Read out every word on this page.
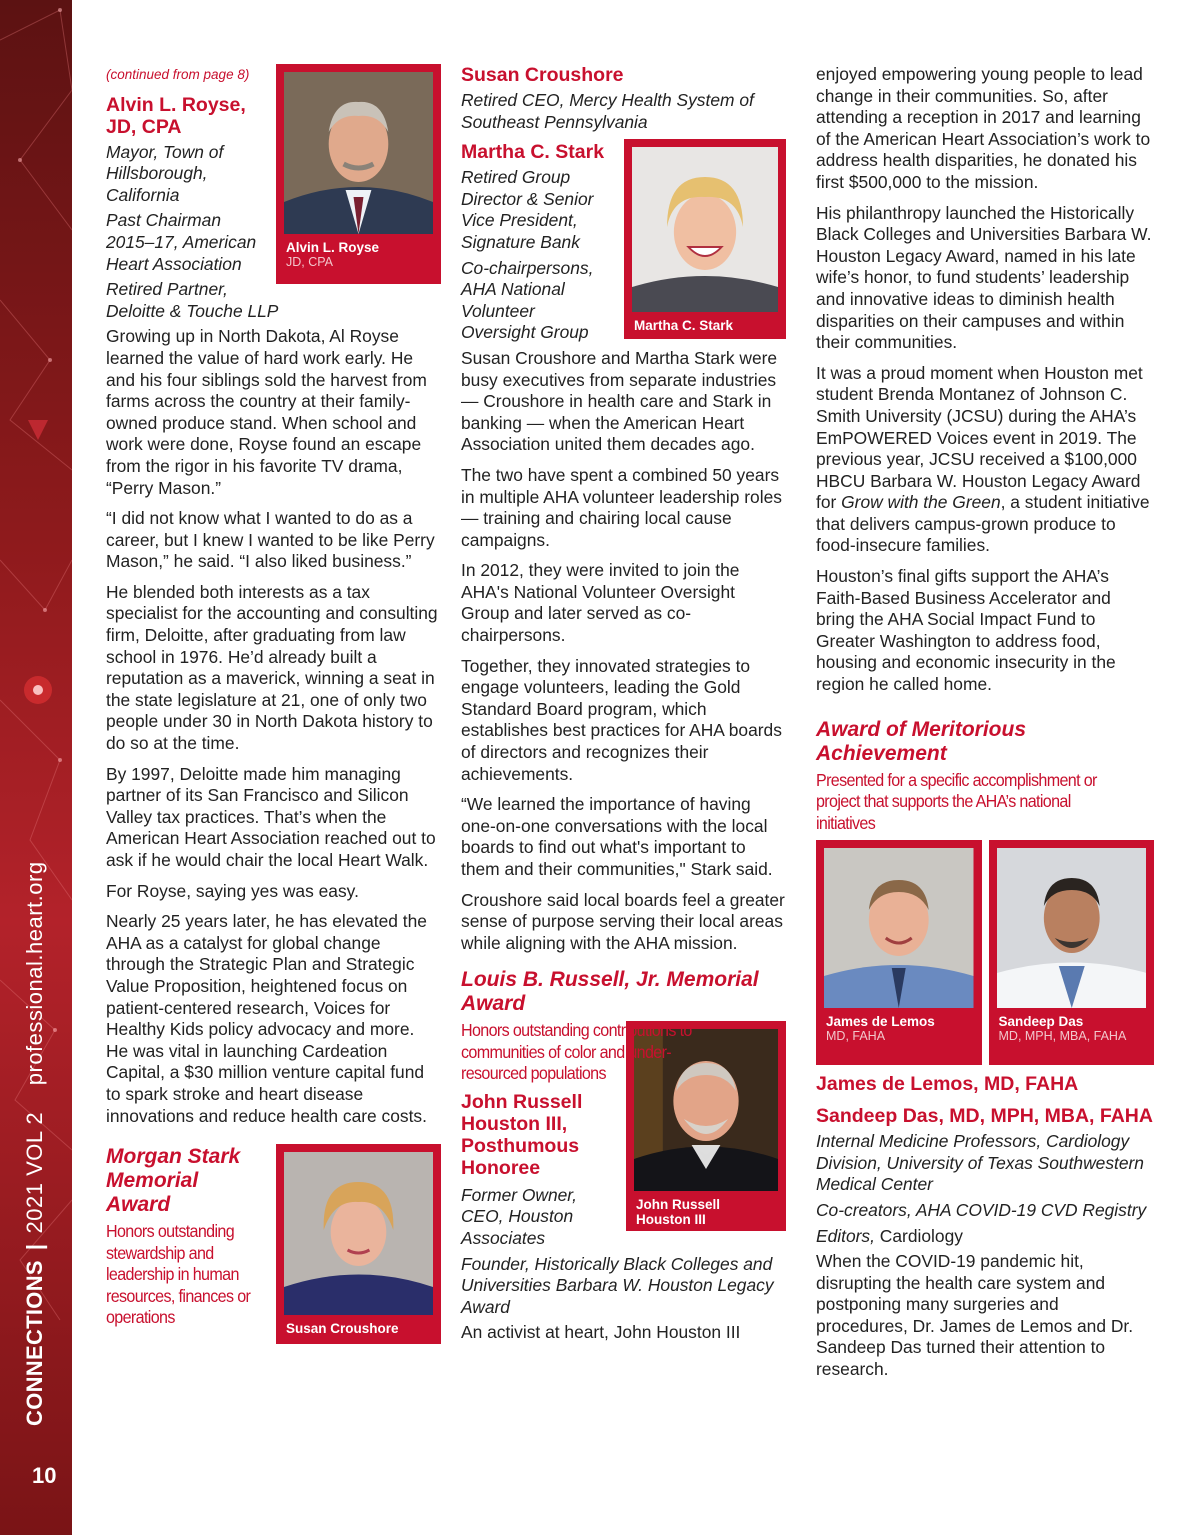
CONNECTIONS|2021 VOL 2 professional.heart.org
10
(continued from page 8)
Alvin L. Royse
JD, CPA
Alvin L. Royse, JD, CPA
Mayor, Town of Hillsborough, California
Past Chairman 2015–17, American Heart Association
Retired Partner, Deloitte & Touche LLP

Growing up in North Dakota, Al Royse learned the value of hard work early. He and his four siblings sold the harvest from farms across the country at their family-owned produce stand. When school and work were done, Royse found an escape from the rigor in his favorite TV drama, “Perry Mason.”

“I did not know what I wanted to do as a career, but I knew I wanted to be like Perry Mason,” he said. “I also liked business.”

He blended both interests as a tax specialist for the accounting and consulting firm, Deloitte, after graduating from law school in 1976. He’d already built a reputation as a maverick, winning a seat in the state legislature at 21, one of only two people under 30 in North Dakota history to do so at the time.

By 1997, Deloitte made him managing partner of its San Francisco and Silicon Valley tax practices. That’s when the American Heart Association reached out to ask if he would chair the local Heart Walk.

For Royse, saying yes was easy.

Nearly 25 years later, he has elevated the AHA as a catalyst for global change through the Strategic Plan and Strategic Value Proposition, heightened focus on patient-centered research, Voices for Healthy Kids policy advocacy and more. He was vital in launching Cardeation Capital, a $30 million venture capital fund to spark stroke and heart disease innovations and reduce health care costs.

Susan Croushore
Morgan Stark Memorial Award
Honors outstanding stewardship and leadership in human resources, finances or operations
Susan Croushore
Retired CEO, Mercy Health System of Southeast Pennsylvania
Martha C. Stark
Martha C. Stark
Retired Group Director & Senior Vice President, Signature Bank
Co-chairpersons, AHA National Volunteer Oversight Group

Susan Croushore and Martha Stark were busy executives from separate industries — Croushore in health care and Stark in banking — when the American Heart Association united them decades ago.

The two have spent a combined 50 years in multiple AHA volunteer leadership roles — training and chairing local cause campaigns.

In 2012, they were invited to join the AHA's National Volunteer Oversight Group and later served as co-chairpersons.

Together, they innovated strategies to engage volunteers, leading the Gold Standard Board program, which establishes best practices for AHA boards of directors and recognizes their achievements.

“We learned the importance of having one-on-one conversations with the local boards to find out what's important to them and their communities," Stark said.

Croushore said local boards feel a greater sense of purpose serving their local areas while aligning with the AHA mission.

Louis B. Russell, Jr. Memorial Award
Honors outstanding contributions to communities of color and under-resourced populations
John Russell Houston III
John Russell Houston III, Posthumous Honoree
Former Owner, CEO, Houston Associates
Founder, Historically Black Colleges and Universities Barbara W. Houston Legacy Award

An activist at heart, John Houston III

enjoyed empowering young people to lead change in their communities. So, after attending a reception in 2017 and learning of the American Heart Association’s work to address health disparities, he donated his first $500,000 to the mission.

His philanthropy launched the Historically Black Colleges and Universities Barbara W. Houston Legacy Award, named in his late wife’s honor, to fund students’ leadership and innovative ideas to diminish health disparities on their campuses and within their communities.

It was a proud moment when Houston met student Brenda Montanez of Johnson C. Smith University (JCSU) during the AHA’s EmPOWERED Voices event in 2019. The previous year, JCSU received a $100,000 HBCU Barbara W. Houston Legacy Award for Grow with the Green, a student initiative that delivers campus-grown produce to food-insecure families.

Houston’s final gifts support the AHA’s Faith-Based Business Accelerator and bring the AHA Social Impact Fund to Greater Washington to address food, housing and economic insecurity in the region he called home.

Award of Meritorious Achievement
Presented for a specific accomplishment or project that supports the AHA’s national initiatives
James de Lemos
MD, FAHA
Sandeep Das
MD, MPH, MBA, FAHA
James de Lemos, MD, FAHA
Sandeep Das, MD, MPH, MBA, FAHA
Internal Medicine Professors, Cardiology Division, University of Texas Southwestern Medical Center
Co-creators, AHA COVID-19 CVD Registry
Editors, Cardiology

When the COVID-19 pandemic hit, disrupting the health care system and postponing many surgeries and procedures, Dr. James de Lemos and Dr. Sandeep Das turned their attention to research.
